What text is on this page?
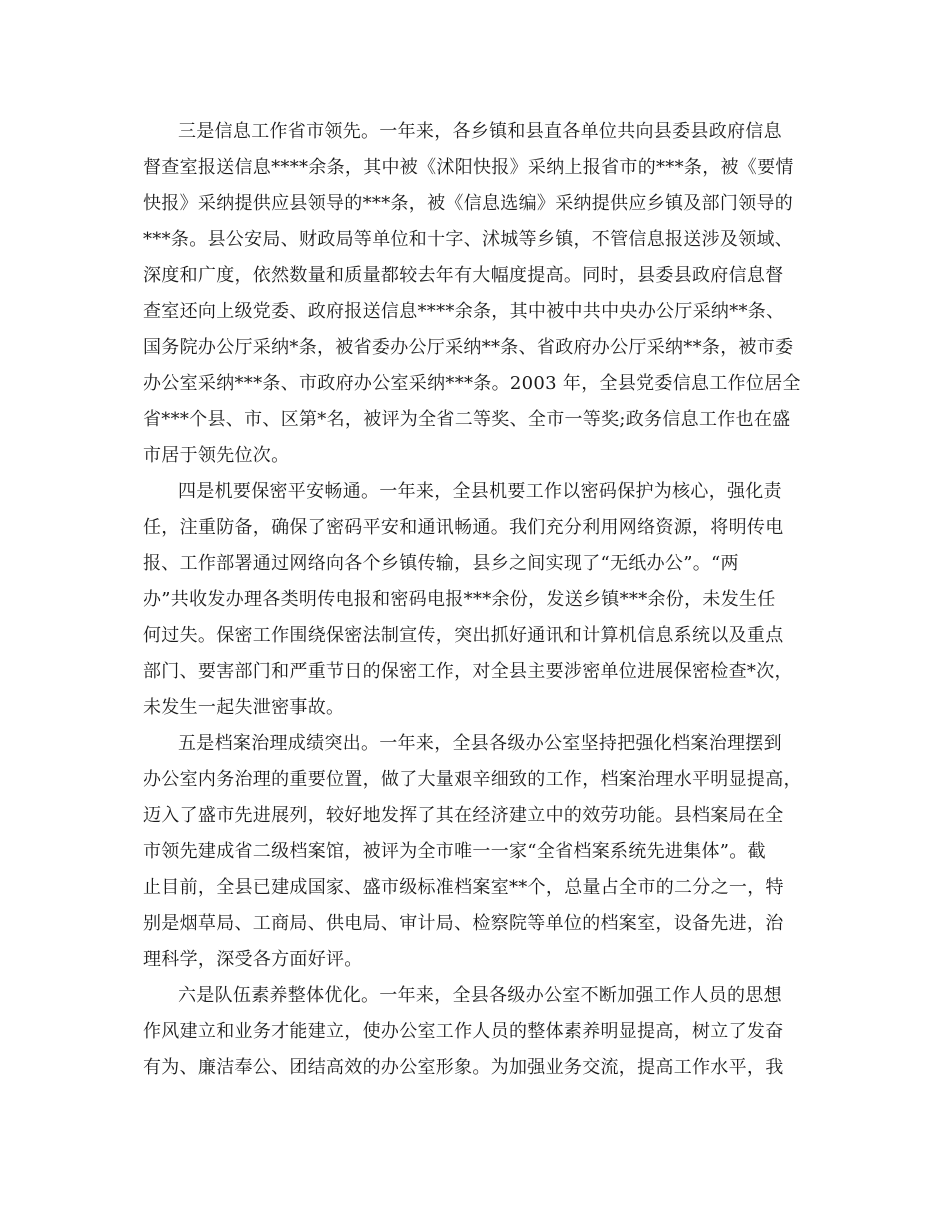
三是信息工作省市领先。一年来，各乡镇和县直各单位共向县委县政府信息
督查室报送信息****余条，其中被《沭阳快报》采纳上报省市的***条，被《要情
快报》采纳提供应县领导的***条，被《信息选编》采纳提供应乡镇及部门领导的
***条。县公安局、财政局等单位和十字、沭城等乡镇，不管信息报送涉及领域、
深度和广度，依然数量和质量都较去年有大幅度提高。同时，县委县政府信息督
查室还向上级党委、政府报送信息****余条，其中被中共中央办公厅采纳**条、
国务院办公厅采纳*条，被省委办公厅采纳**条、省政府办公厅采纳**条，被市委
办公室采纳***条、市政府办公室采纳***条。2003 年，全县党委信息工作位居全
省***个县、市、区第*名，被评为全省二等奖、全市一等奖;政务信息工作也在盛
市居于领先位次。
四是机要保密平安畅通。一年来，全县机要工作以密码保护为核心，强化责
任，注重防备，确保了密码平安和通讯畅通。我们充分利用网络资源，将明传电
报、工作部署通过网络向各个乡镇传输，县乡之间实现了“无纸办公”。“两
办”共收发办理各类明传电报和密码电报***余份，发送乡镇***余份，未发生任
何过失。保密工作围绕保密法制宣传，突出抓好通讯和计算机信息系统以及重点
部门、要害部门和严重节日的保密工作，对全县主要涉密单位进展保密检查*次，
未发生一起失泄密事故。
五是档案治理成绩突出。一年来，全县各级办公室坚持把强化档案治理摆到
办公室内务治理的重要位置，做了大量艰辛细致的工作，档案治理水平明显提高，
迈入了盛市先进展列，较好地发挥了其在经济建立中的效劳功能。县档案局在全
市领先建成省二级档案馆，被评为全市唯一一家“全省档案系统先进集体”。截
止目前，全县已建成国家、盛市级标准档案室**个，总量占全市的二分之一，特
别是烟草局、工商局、供电局、审计局、检察院等单位的档案室，设备先进，治
理科学，深受各方面好评。
六是队伍素养整体优化。一年来，全县各级办公室不断加强工作人员的思想
作风建立和业务才能建立，使办公室工作人员的整体素养明显提高，树立了发奋
有为、廉洁奉公、团结高效的办公室形象。为加强业务交流，提高工作水平，我
